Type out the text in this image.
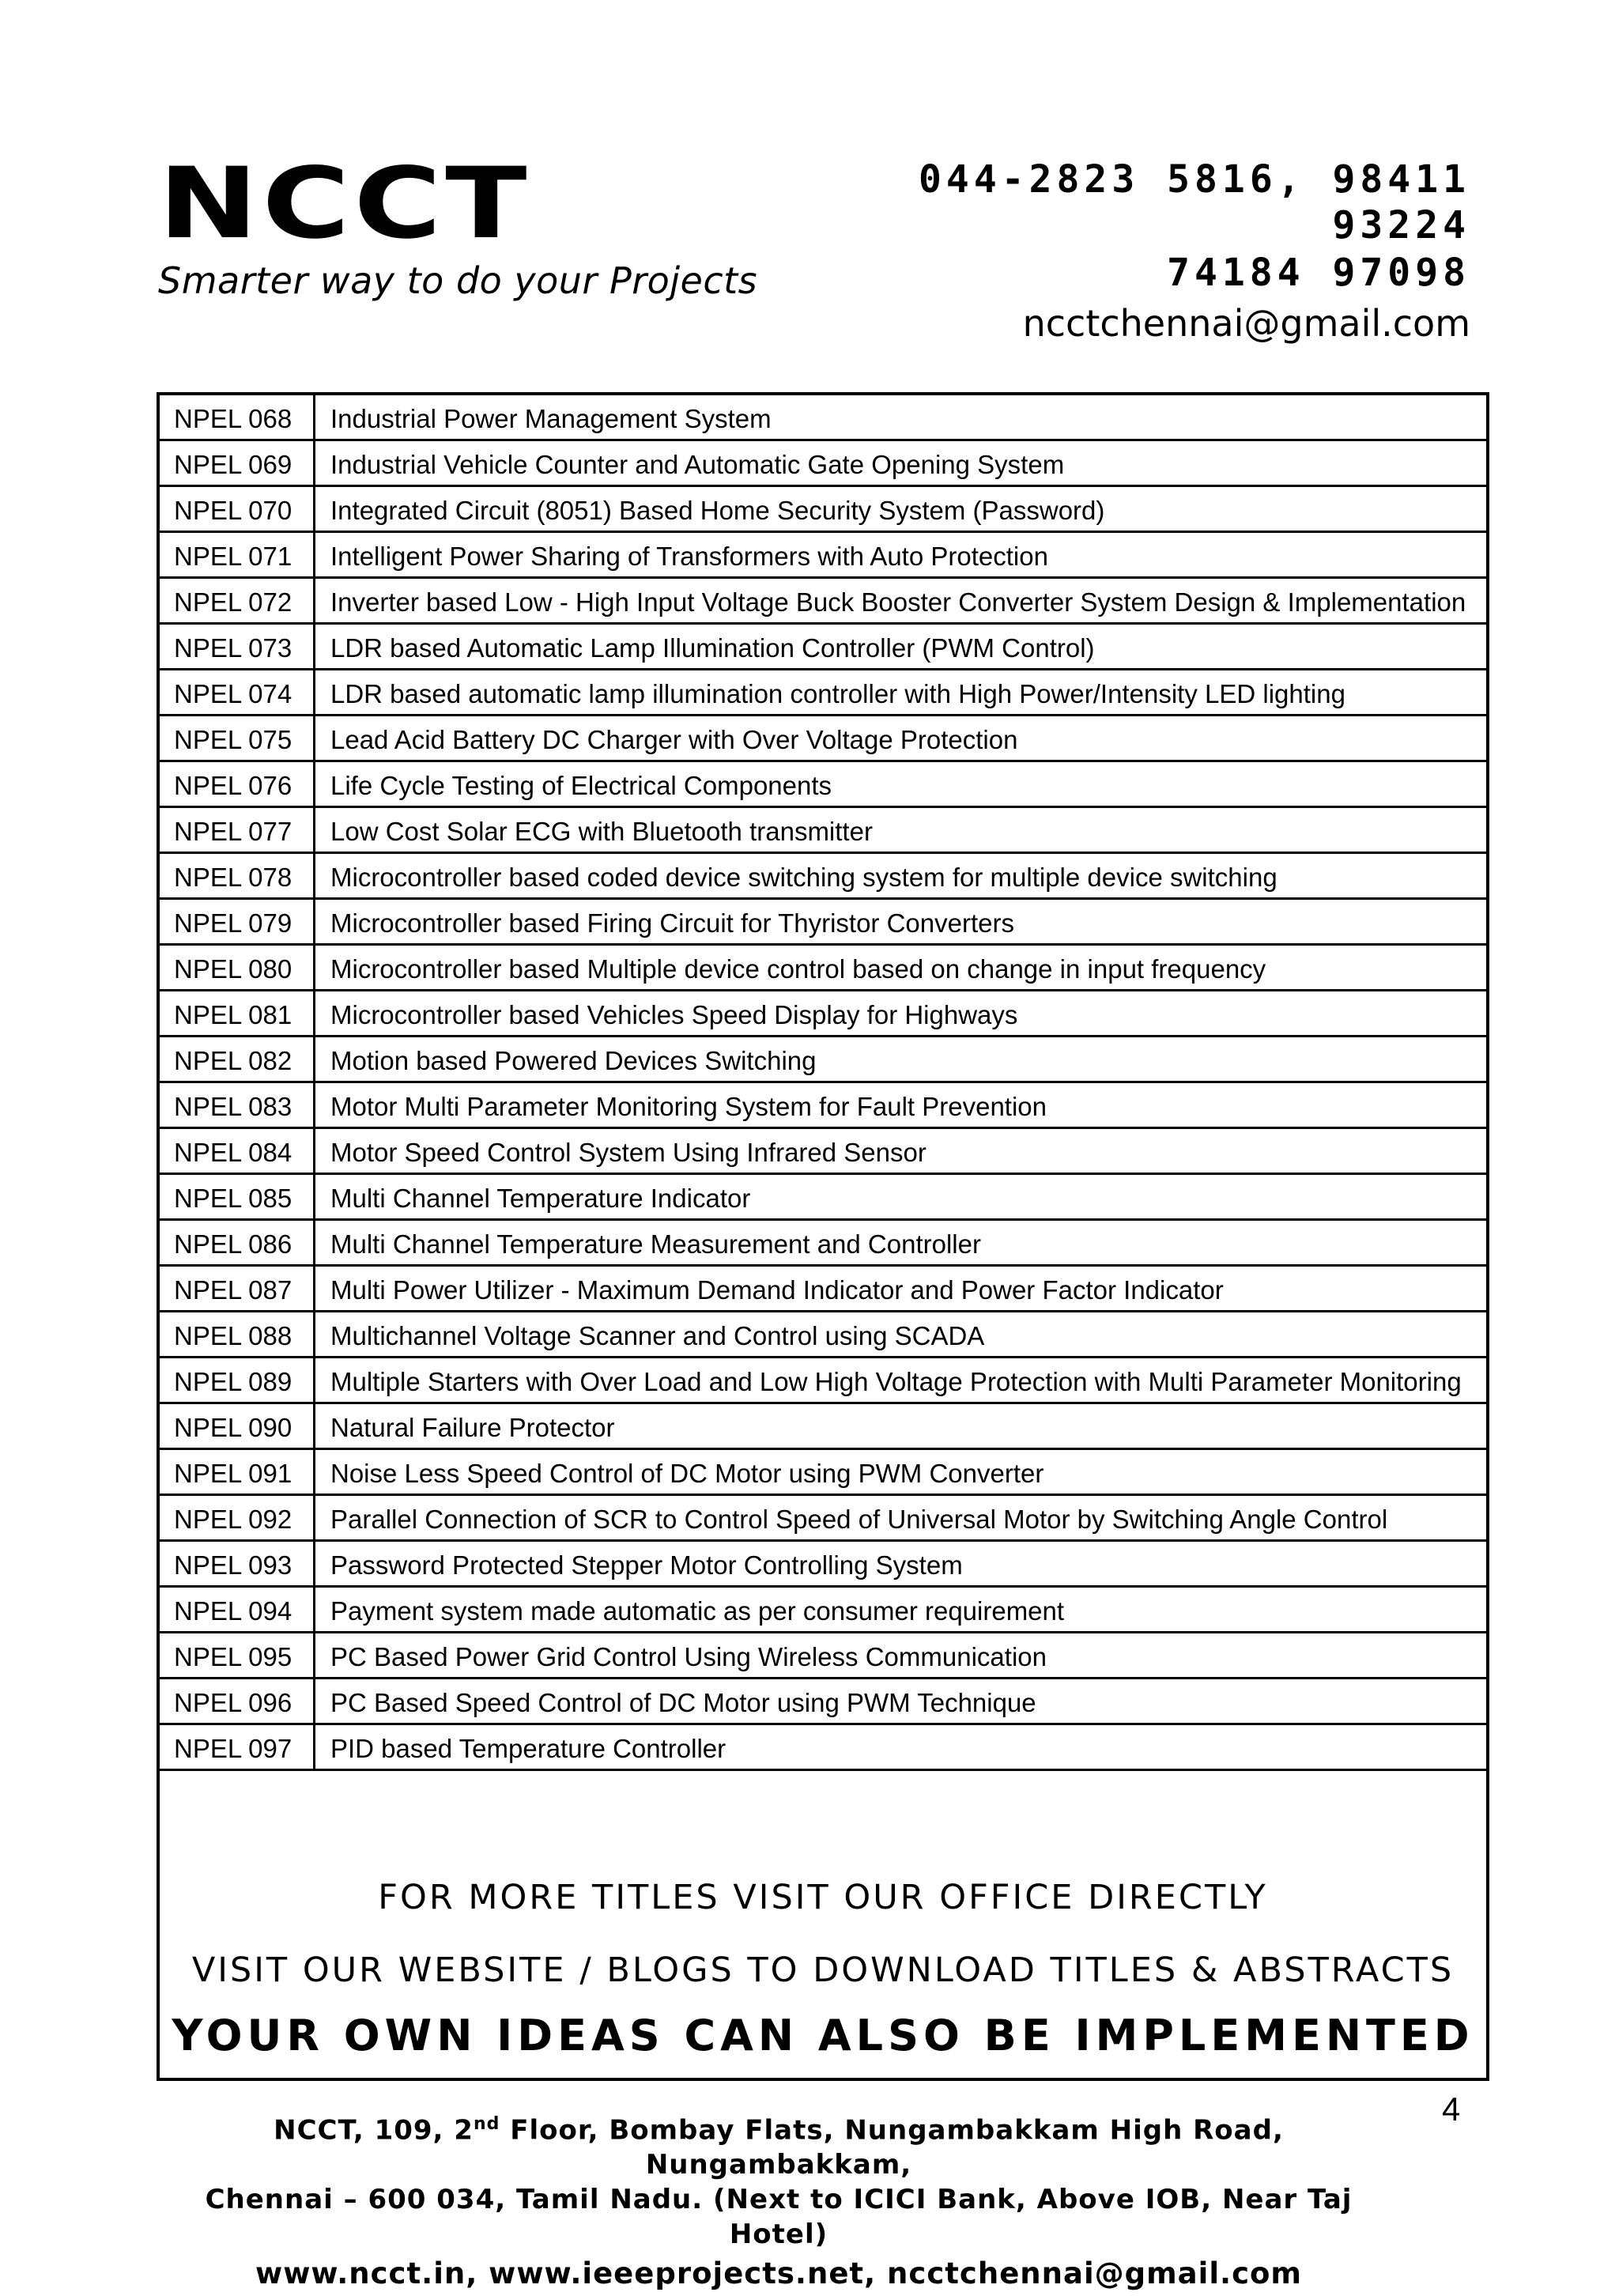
NCCT
Smarter way to do your Projects
044-2823 5816, 98411
93224
74184 97098
ncctchennai@gmail.com
NPEL 068	Industrial Power Management System
NPEL 069	Industrial Vehicle Counter and Automatic Gate Opening System
NPEL 070	Integrated Circuit (8051) Based Home Security System (Password)
NPEL 071	Intelligent Power Sharing of Transformers with Auto Protection
NPEL 072	Inverter based Low - High Input Voltage Buck Booster Converter System Design & Implementation
NPEL 073	LDR based Automatic Lamp Illumination Controller (PWM Control)
NPEL 074	LDR based automatic lamp illumination controller with High Power/Intensity LED lighting
NPEL 075	Lead Acid Battery DC Charger with Over Voltage Protection
NPEL 076	Life Cycle Testing of Electrical Components
NPEL 077	Low Cost Solar ECG with Bluetooth transmitter
NPEL 078	Microcontroller based coded device switching system for multiple device switching
NPEL 079	Microcontroller based Firing Circuit for Thyristor Converters
NPEL 080	Microcontroller based Multiple device control based on change in input frequency
NPEL 081	Microcontroller based Vehicles Speed Display for Highways
NPEL 082	Motion based Powered Devices Switching
NPEL 083	Motor Multi Parameter Monitoring System for Fault Prevention
NPEL 084	Motor Speed Control System Using Infrared Sensor
NPEL 085	Multi Channel Temperature Indicator
NPEL 086	Multi Channel Temperature Measurement and Controller
NPEL 087	Multi Power Utilizer - Maximum Demand Indicator and Power Factor Indicator
NPEL 088	Multichannel Voltage Scanner and Control using SCADA
NPEL 089	Multiple Starters with Over Load and Low High Voltage Protection with Multi Parameter Monitoring
NPEL 090	Natural Failure Protector
NPEL 091	Noise Less Speed Control of DC Motor using PWM Converter
NPEL 092	Parallel Connection of SCR to Control Speed of Universal Motor by Switching Angle Control
NPEL 093	Password Protected Stepper Motor Controlling System
NPEL 094	Payment system made automatic as per consumer requirement
NPEL 095	PC Based Power Grid Control Using Wireless Communication
NPEL 096	PC Based Speed Control of DC Motor using PWM Technique
NPEL 097	PID based Temperature Controller
FOR MORE TITLES VISIT OUR OFFICE DIRECTLY
VISIT OUR WEBSITE / BLOGS TO DOWNLOAD TITLES & ABSTRACTS
YOUR OWN IDEAS CAN ALSO BE IMPLEMENTED
NCCT, 109, 2nd Floor, Bombay Flats, Nungambakkam High Road, Nungambakkam,
Chennai – 600 034, Tamil Nadu. (Next to ICICI Bank, Above IOB, Near Taj Hotel)
www.ncct.in, www.ieeeprojects.net, ncctchennai@gmail.com
4
